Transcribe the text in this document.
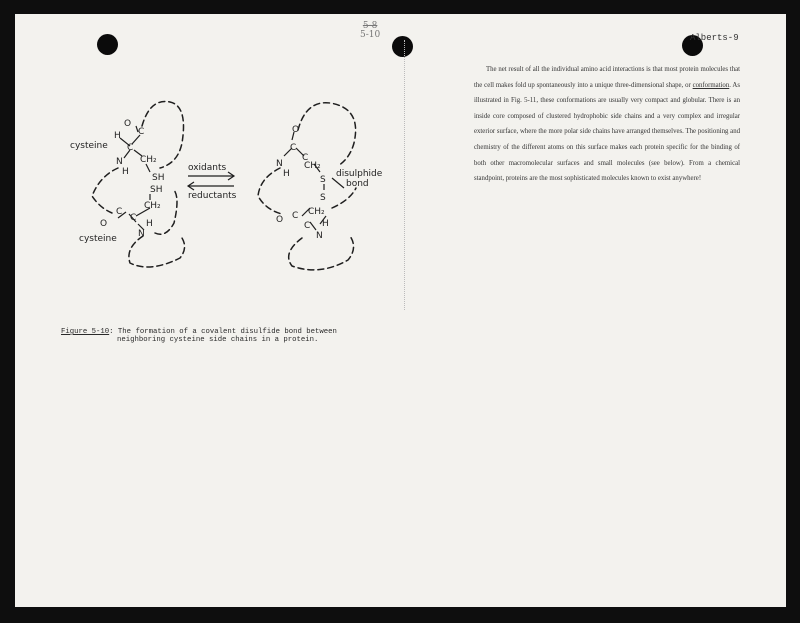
5-8
5-10	Alberts-9

The net result of all the individual amino acid interactions is that most protein molecules that the cell makes fold up spontaneously into a unique three-dimensional shape, or conformation. As illustrated in Fig. 5-11, these conformations are usually very compact and globular. There is an inside core composed of clustered hydrophobic side chains and a very complex and irregular exterior surface, where the more polar side chains have arranged themselves. The positioning and chemistry of the different atoms on this surface makes each protein specific for the binding of both other macromolecular surfaces and small molecules (see below). From a chemical standpoint, proteins are the most sophisticated molecules known to exist anywhere!

cysteine
cysteine
H
C
O
C
N
H
CH₂
SH
SH
CH₂
C
O
C
N
H
oxidants
reductants
O
C
N
H
C
CH₂
S
S
CH₂
O C
C
N
H
disulphide
bond
Figure 5-10: The formation of a covalent disulfide bond between
neighboring cysteine side chains in a protein.
